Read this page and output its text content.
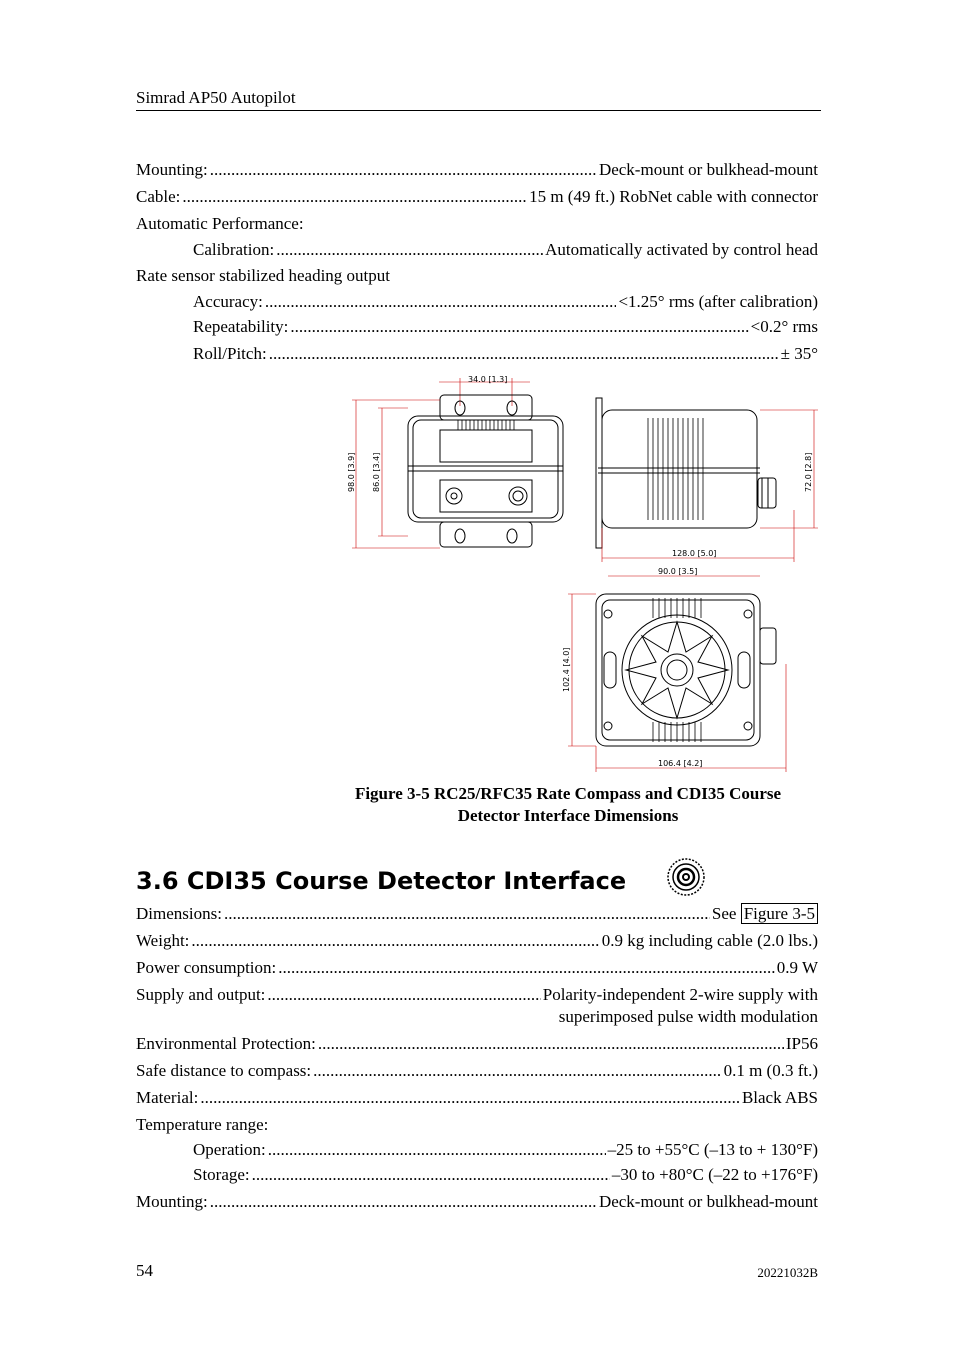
Simrad AP50 Autopilot
Mounting: .....	Deck-mount or bulkhead-mount
Cable: .....	15 m (49 ft.) RobNet cable with connector
Automatic Performance:
Calibration: .....	Automatically activated by control head
Rate sensor stabilized heading output
Accuracy: .....	<1.25° rms (after calibration)
Repeatability: .....	<0.2° rms
Roll/Pitch: .....	± 35°
34.0 [1.3]
98.0 [3.9] 86.0 [3.4]
128.0 [5.0]
72.0 [2.8]
90.0 [3.5]
102.4 [4.0]
106.4 [4.2]
Figure 3-5 RC25/RFC35 Rate Compass and CDI35 Course
Detector Interface Dimensions
3.6 CDI35 Course Detector Interface
Dimensions: .....	See Figure 3-5
Weight: .....	0.9 kg including cable (2.0 lbs.)
Power consumption: .....	0.9 W
Supply and output: .....	Polarity-independent 2-wire supply with
superimposed pulse width modulation
Environmental Protection: .....	IP56
Safe distance to compass: .....	0.1 m (0.3 ft.)
Material: .....	Black ABS
Temperature range:
Operation: .....	–25 to +55°C (–13 to + 130°F)
Storage: .....	–30 to +80°C (–22 to +176°F)
Mounting: .....	Deck-mount or bulkhead-mount
54	20221032B
